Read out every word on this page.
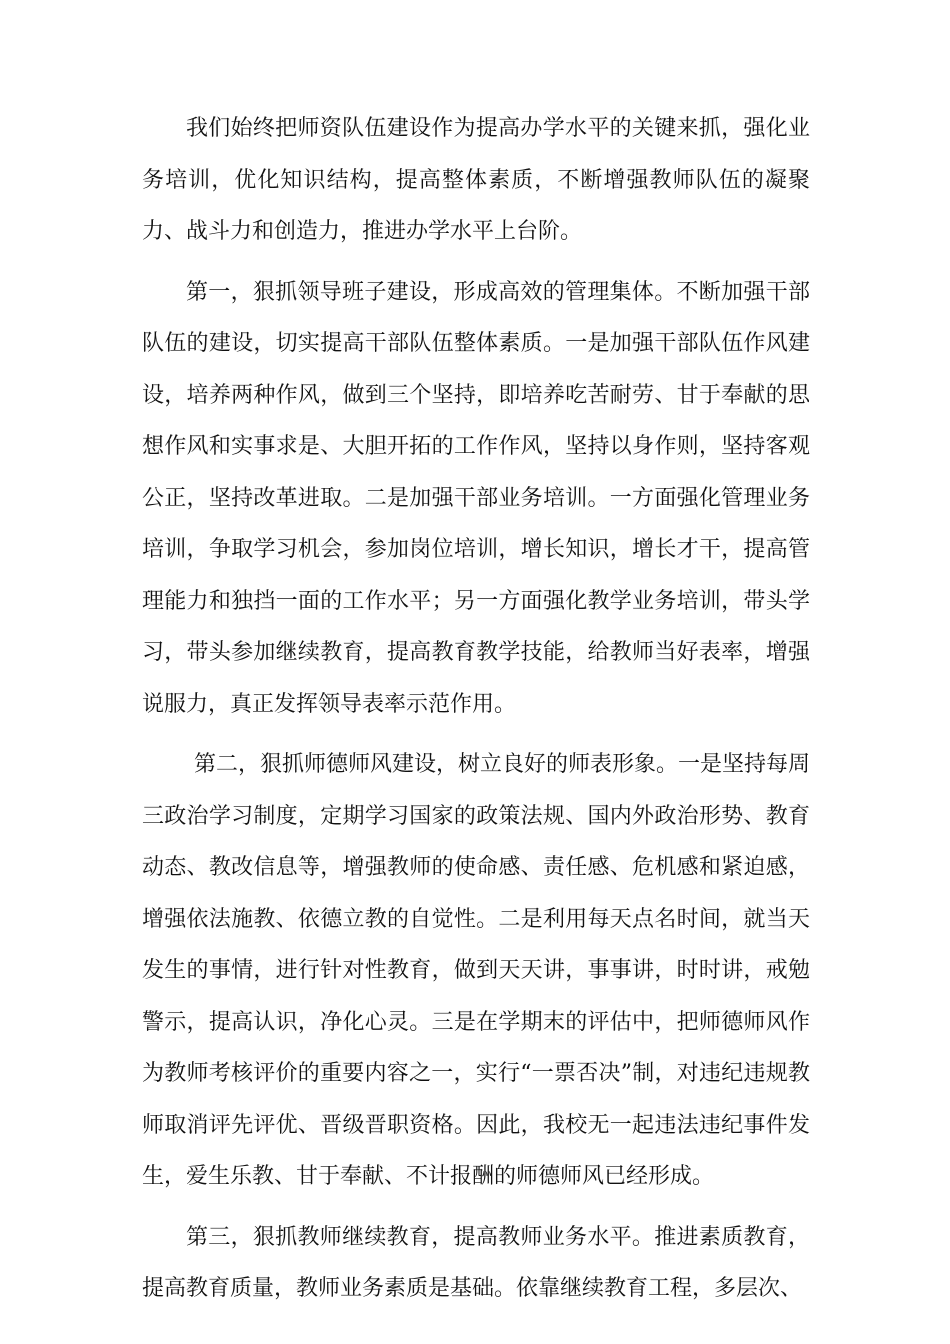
我们始终把师资队伍建设作为提高办学水平的关键来抓，强化业务培训，优化知识结构，提高整体素质，不断增强教师队伍的凝聚力、战斗力和创造力，推进办学水平上台阶。

第一，狠抓领导班子建设，形成高效的管理集体。不断加强干部队伍的建设，切实提高干部队伍整体素质。一是加强干部队伍作风建设，培养两种作风，做到三个坚持，即培养吃苦耐劳、甘于奉献的思想作风和实事求是、大胆开拓的工作作风，坚持以身作则，坚持客观公正，坚持改革进取。二是加强干部业务培训。一方面强化管理业务培训，争取学习机会，参加岗位培训，增长知识，增长才干，提高管理能力和独挡一面的工作水平；另一方面强化教学业务培训，带头学习，带头参加继续教育，提高教育教学技能，给教师当好表率，增强说服力，真正发挥领导表率示范作用。

第二，狠抓师德师风建设，树立良好的师表形象。一是坚持每周三政治学习制度，定期学习国家的政策法规、国内外政治形势、教育动态、教改信息等，增强教师的使命感、责任感、危机感和紧迫感，增强依法施教、依德立教的自觉性。二是利用每天点名时间，就当天发生的事情，进行针对性教育，做到天天讲，事事讲，时时讲，戒勉警示，提高认识，净化心灵。三是在学期末的评估中，把师德师风作为教师考核评价的重要内容之一，实行“一票否决”制，对违纪违规教师取消评先评优、晋级晋职资格。因此，我校无一起违法违纪事件发生，爱生乐教、甘于奉献、不计报酬的师德师风已经形成。

第三，狠抓教师继续教育，提高教师业务水平。推进素质教育，提高教育质量，教师业务素质是基础。依靠继续教育工程，多层次、
